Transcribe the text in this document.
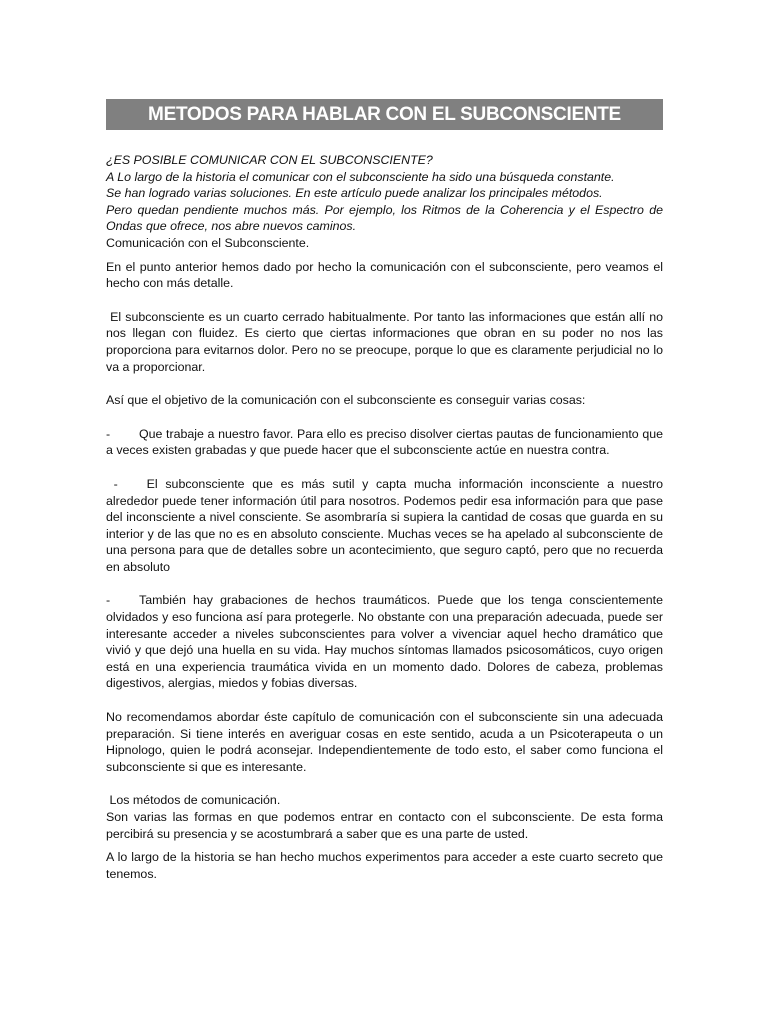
METODOS PARA HABLAR CON EL SUBCONSCIENTE

¿ES POSIBLE COMUNICAR CON EL SUBCONSCIENTE?

A Lo largo de la historia el comunicar con el subconsciente ha sido una búsqueda constante.

Se han logrado varias soluciones. En este artículo puede analizar los principales métodos.

Pero quedan pendiente muchos más. Por ejemplo, los Ritmos de la Coherencia y el Espectro de Ondas que ofrece, nos abre nuevos caminos.

Comunicación con el Subconsciente.

En el punto anterior hemos dado por hecho la comunicación con el subconsciente, pero veamos el hecho con más detalle.

El subconsciente es un cuarto cerrado habitualmente. Por tanto las informaciones que están allí no nos llegan con fluidez. Es cierto que ciertas informaciones que obran en su poder no nos las proporciona para evitarnos dolor. Pero no se preocupe, porque lo que es claramente perjudicial no lo va a proporcionar.

Así que el objetivo de la comunicación con el subconsciente es conseguir varias cosas:

- Que trabaje a nuestro favor. Para ello es preciso disolver ciertas pautas de funcionamiento que a veces existen grabadas y que puede hacer que el subconsciente actúe en nuestra contra.

- El subconsciente que es más sutil y capta mucha información inconsciente a nuestro alrededor puede tener información útil para nosotros. Podemos pedir esa información para que pase del inconsciente a nivel consciente. Se asombraría si supiera la cantidad de cosas que guarda en su interior y de las que no es en absoluto consciente. Muchas veces se ha apelado al subconsciente de una persona para que de detalles sobre un acontecimiento, que seguro captó, pero que no recuerda en absoluto

- También hay grabaciones de hechos traumáticos. Puede que los tenga conscientemente olvidados y eso funciona así para protegerle. No obstante con una preparación adecuada, puede ser interesante acceder a niveles subconscientes para volver a vivenciar aquel hecho dramático que vivió y que dejó una huella en su vida. Hay muchos síntomas llamados psicosomáticos, cuyo origen está en una experiencia traumática vivida en un momento dado. Dolores de cabeza, problemas digestivos, alergias, miedos y fobias diversas.

No recomendamos abordar éste capítulo de comunicación con el subconsciente sin una adecuada preparación. Si tiene interés en averiguar cosas en este sentido, acuda a un Psicoterapeuta o un Hipnologo, quien le podrá aconsejar. Independientemente de todo esto, el saber como funciona el subconsciente si que es interesante.

Los métodos de comunicación.

Son varias las formas en que podemos entrar en contacto con el subconsciente. De esta forma percibirá su presencia y se acostumbrará a saber que es una parte de usted.

A lo largo de la historia se han hecho muchos experimentos para acceder a este cuarto secreto que tenemos.
